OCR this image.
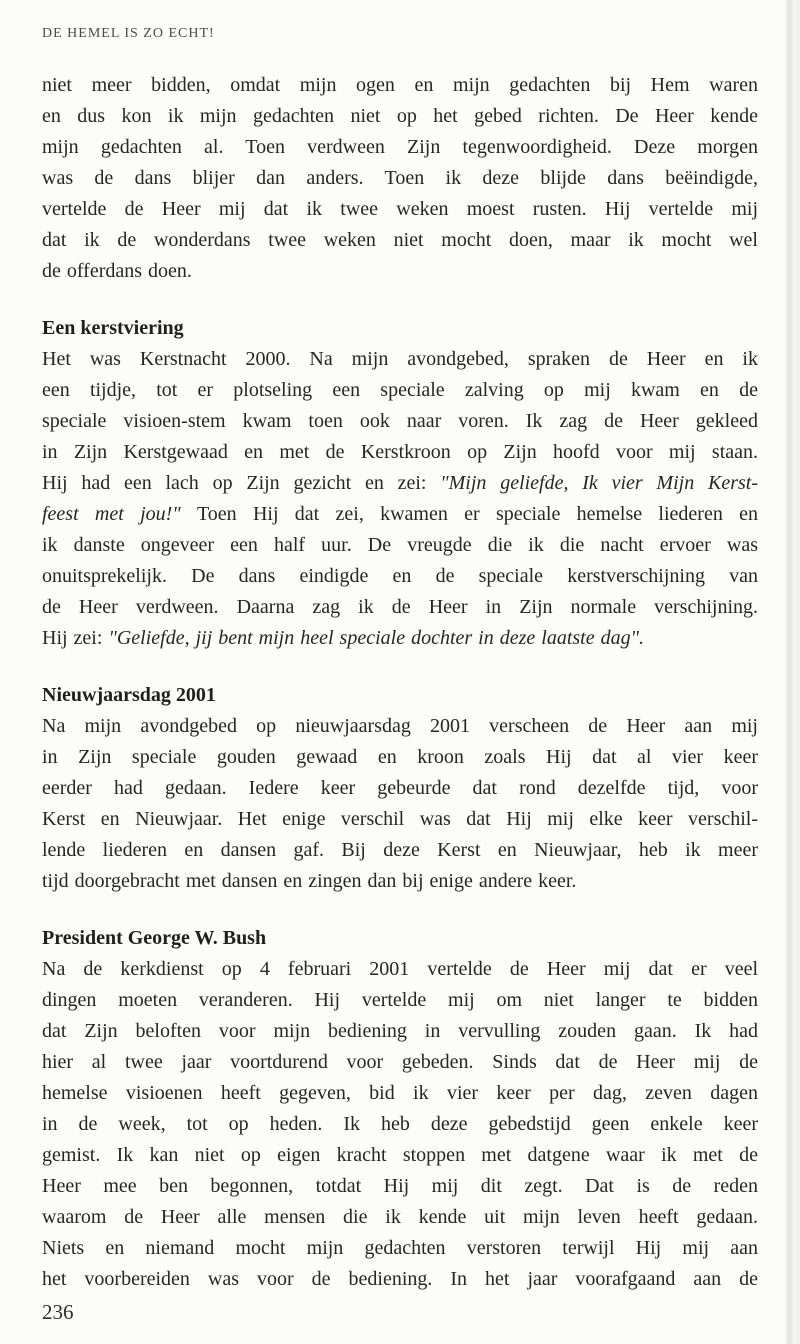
DE HEMEL IS ZO ECHT!
niet meer bidden, omdat mijn ogen en mijn gedachten bij Hem waren
en dus kon ik mijn gedachten niet op het gebed richten. De Heer kende
mijn gedachten al. Toen verdween Zijn tegenwoordigheid. Deze morgen
was de dans blijer dan anders. Toen ik deze blijde dans beëindigde,
vertelde de Heer mij dat ik twee weken moest rusten. Hij vertelde mij
dat ik de wonderdans twee weken niet mocht doen, maar ik mocht wel
de offerdans doen.
Een kerstviering
Het was Kerstnacht 2000. Na mijn avondgebed, spraken de Heer en ik
een tijdje, tot er plotseling een speciale zalving op mij kwam en de
speciale visioen-stem kwam toen ook naar voren. Ik zag de Heer gekleed
in Zijn Kerstgewaad en met de Kerstkroon op Zijn hoofd voor mij staan.
Hij had een lach op Zijn gezicht en zei: "Mijn geliefde, Ik vier Mijn Kerst-
feest met jou!" Toen Hij dat zei, kwamen er speciale hemelse liederen en
ik danste ongeveer een half uur. De vreugde die ik die nacht ervoer was
onuitsprekelijk. De dans eindigde en de speciale kerstverschijning van
de Heer verdween. Daarna zag ik de Heer in Zijn normale verschijning.
Hij zei: "Geliefde, jij bent mijn heel speciale dochter in deze laatste dag".
Nieuwjaarsdag 2001
Na mijn avondgebed op nieuwjaarsdag 2001 verscheen de Heer aan mij
in Zijn speciale gouden gewaad en kroon zoals Hij dat al vier keer
eerder had gedaan. Iedere keer gebeurde dat rond dezelfde tijd, voor
Kerst en Nieuwjaar. Het enige verschil was dat Hij mij elke keer verschil-
lende liederen en dansen gaf. Bij deze Kerst en Nieuwjaar, heb ik meer
tijd doorgebracht met dansen en zingen dan bij enige andere keer.
President George W. Bush
Na de kerkdienst op 4 februari 2001 vertelde de Heer mij dat er veel
dingen moeten veranderen. Hij vertelde mij om niet langer te bidden
dat Zijn beloften voor mijn bediening in vervulling zouden gaan. Ik had
hier al twee jaar voortdurend voor gebeden. Sinds dat de Heer mij de
hemelse visioenen heeft gegeven, bid ik vier keer per dag, zeven dagen
in de week, tot op heden. Ik heb deze gebedstijd geen enkele keer
gemist. Ik kan niet op eigen kracht stoppen met datgene waar ik met de
Heer mee ben begonnen, totdat Hij mij dit zegt. Dat is de reden
waarom de Heer alle mensen die ik kende uit mijn leven heeft gedaan.
Niets en niemand mocht mijn gedachten verstoren terwijl Hij mij aan
het voorbereiden was voor de bediening. In het jaar voorafgaand aan de
236
